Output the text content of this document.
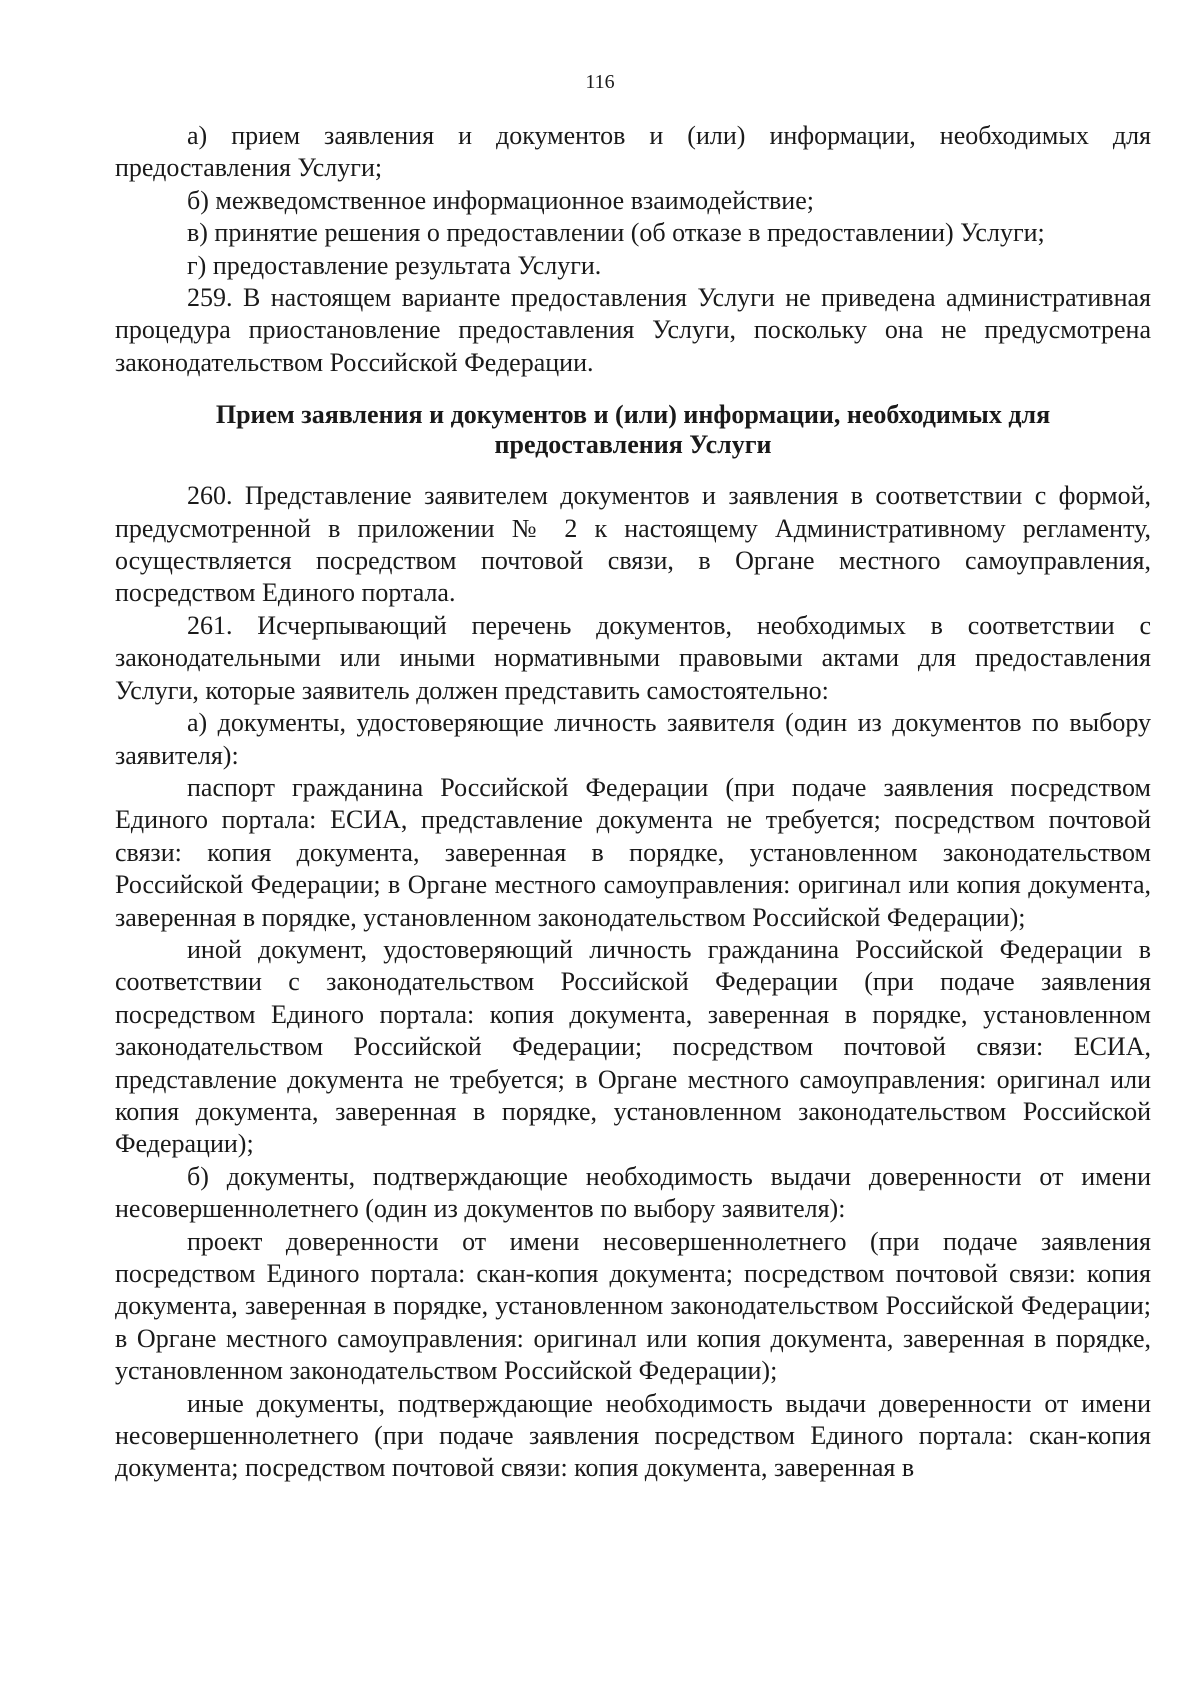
116

а) прием заявления и документов и (или) информации, необходимых для предоставления Услуги;

б) межведомственное информационное взаимодействие;

в) принятие решения о предоставлении (об отказе в предоставлении) Услуги;

г) предоставление результата Услуги.

259. В настоящем варианте предоставления Услуги не приведена административная процедура приостановление предоставления Услуги, поскольку она не предусмотрена законодательством Российской Федерации.

Прием заявления и документов и (или) информации, необходимых для
предоставления Услуги

260. Представление заявителем документов и заявления в соответствии с формой, предусмотренной в приложении № 2 к настоящему Административному регламенту, осуществляется посредством почтовой связи, в Органе местного самоуправления, посредством Единого портала.

261. Исчерпывающий перечень документов, необходимых в соответствии с законодательными или иными нормативными правовыми актами для предоставления Услуги, которые заявитель должен представить самостоятельно:

а) документы, удостоверяющие личность заявителя (один из документов по выбору заявителя):

паспорт гражданина Российской Федерации (при подаче заявления посредством Единого портала: ЕСИА, представление документа не требуется; посредством почтовой связи: копия документа, заверенная в порядке, установленном законодательством Российской Федерации; в Органе местного самоуправления: оригинал или копия документа, заверенная в порядке, установленном законодательством Российской Федерации);

иной документ, удостоверяющий личность гражданина Российской Федерации в соответствии с законодательством Российской Федерации (при подаче заявления посредством Единого портала: копия документа, заверенная в порядке, установленном законодательством Российской Федерации; посредством почтовой связи: ЕСИА, представление документа не требуется; в Органе местного самоуправления: оригинал или копия документа, заверенная в порядке, установленном законодательством Российской Федерации);

б) документы, подтверждающие необходимость выдачи доверенности от имени несовершеннолетнего (один из документов по выбору заявителя):

проект доверенности от имени несовершеннолетнего (при подаче заявления посредством Единого портала: скан-копия документа; посредством почтовой связи: копия документа, заверенная в порядке, установленном законодательством Российской Федерации; в Органе местного самоуправления: оригинал или копия документа, заверенная в порядке, установленном законодательством Российской Федерации);

иные документы, подтверждающие необходимость выдачи доверенности от имени несовершеннолетнего (при подаче заявления посредством Единого портала: скан-копия документа; посредством почтовой связи: копия документа, заверенная в
